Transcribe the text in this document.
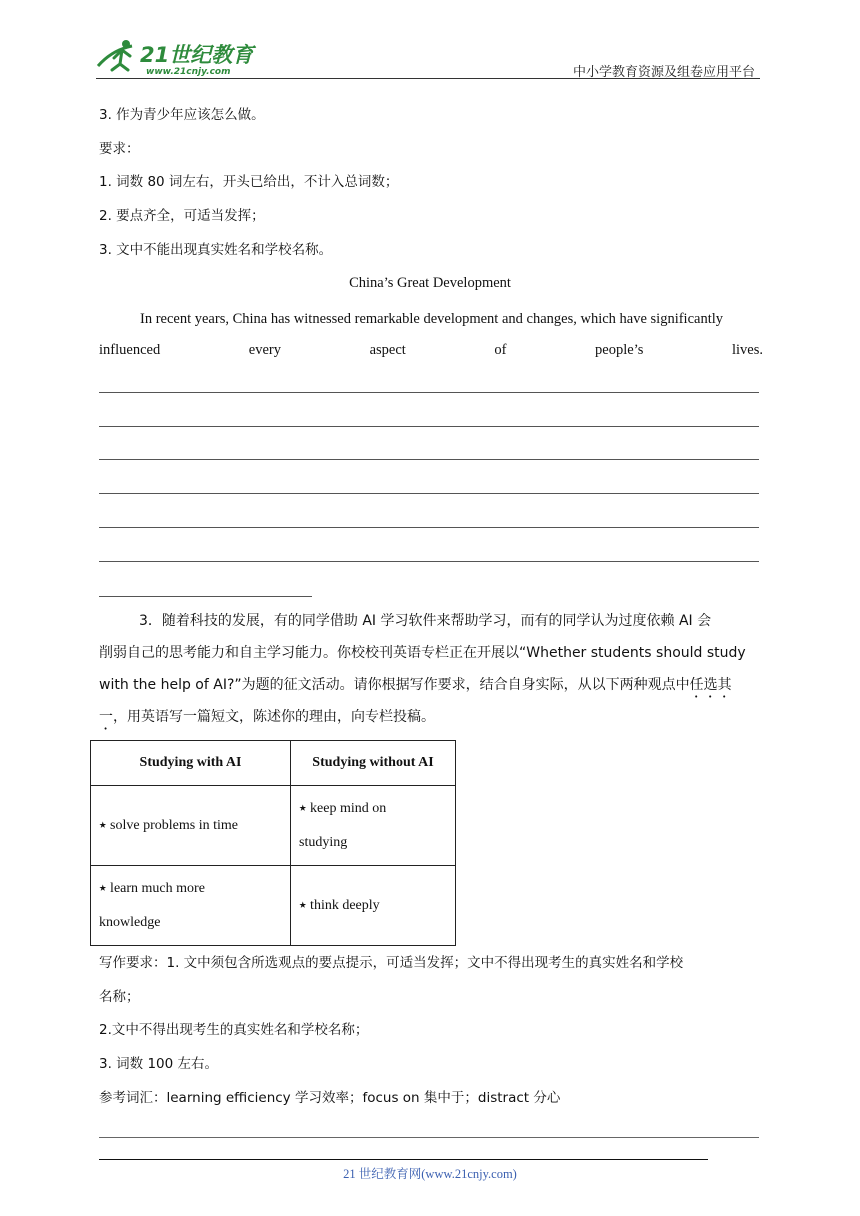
21世纪教育
www.21cnjy.com	中小学教育资源及组卷应用平台
3. 作为青少年应该怎么做。
要求：
1. 词数 80 词左右，开头已给出，不计入总词数；
2. 要点齐全，可适当发挥；
3. 文中不能出现真实姓名和学校名称。
China’s Great Development
In recent years, China has witnessed remarkable development and changes, which have significantly
influenced	every	aspect	of	people’s	lives.
3．随着科技的发展，有的同学借助 AI 学习软件来帮助学习，而有的同学认为过度依赖 AI 会
削弱自己的思考能力和自主学习能力。你校校刊英语专栏正在开展以“Whether students should study
with the help of AI?”为题的征文活动。请你根据写作要求，结合自身实际，从以下两种观点中任选其
一，用英语写一篇短文，陈述你的理由，向专栏投稿。
Studying with AI	Studying without AI

⭑ solve problems in time	⭑ keep mind on
studying

⭑ learn much more
knowledge	⭑ think deeply
写作要求：1. 文中须包含所选观点的要点提示，可适当发挥；文中不得出现考生的真实姓名和学校
名称；
2.文中不得出现考生的真实姓名和学校名称；
3. 词数 100 左右。
参考词汇：learning efficiency 学习效率；focus on 集中于；distract 分心
21 世纪教育网(www.21cnjy.com)
